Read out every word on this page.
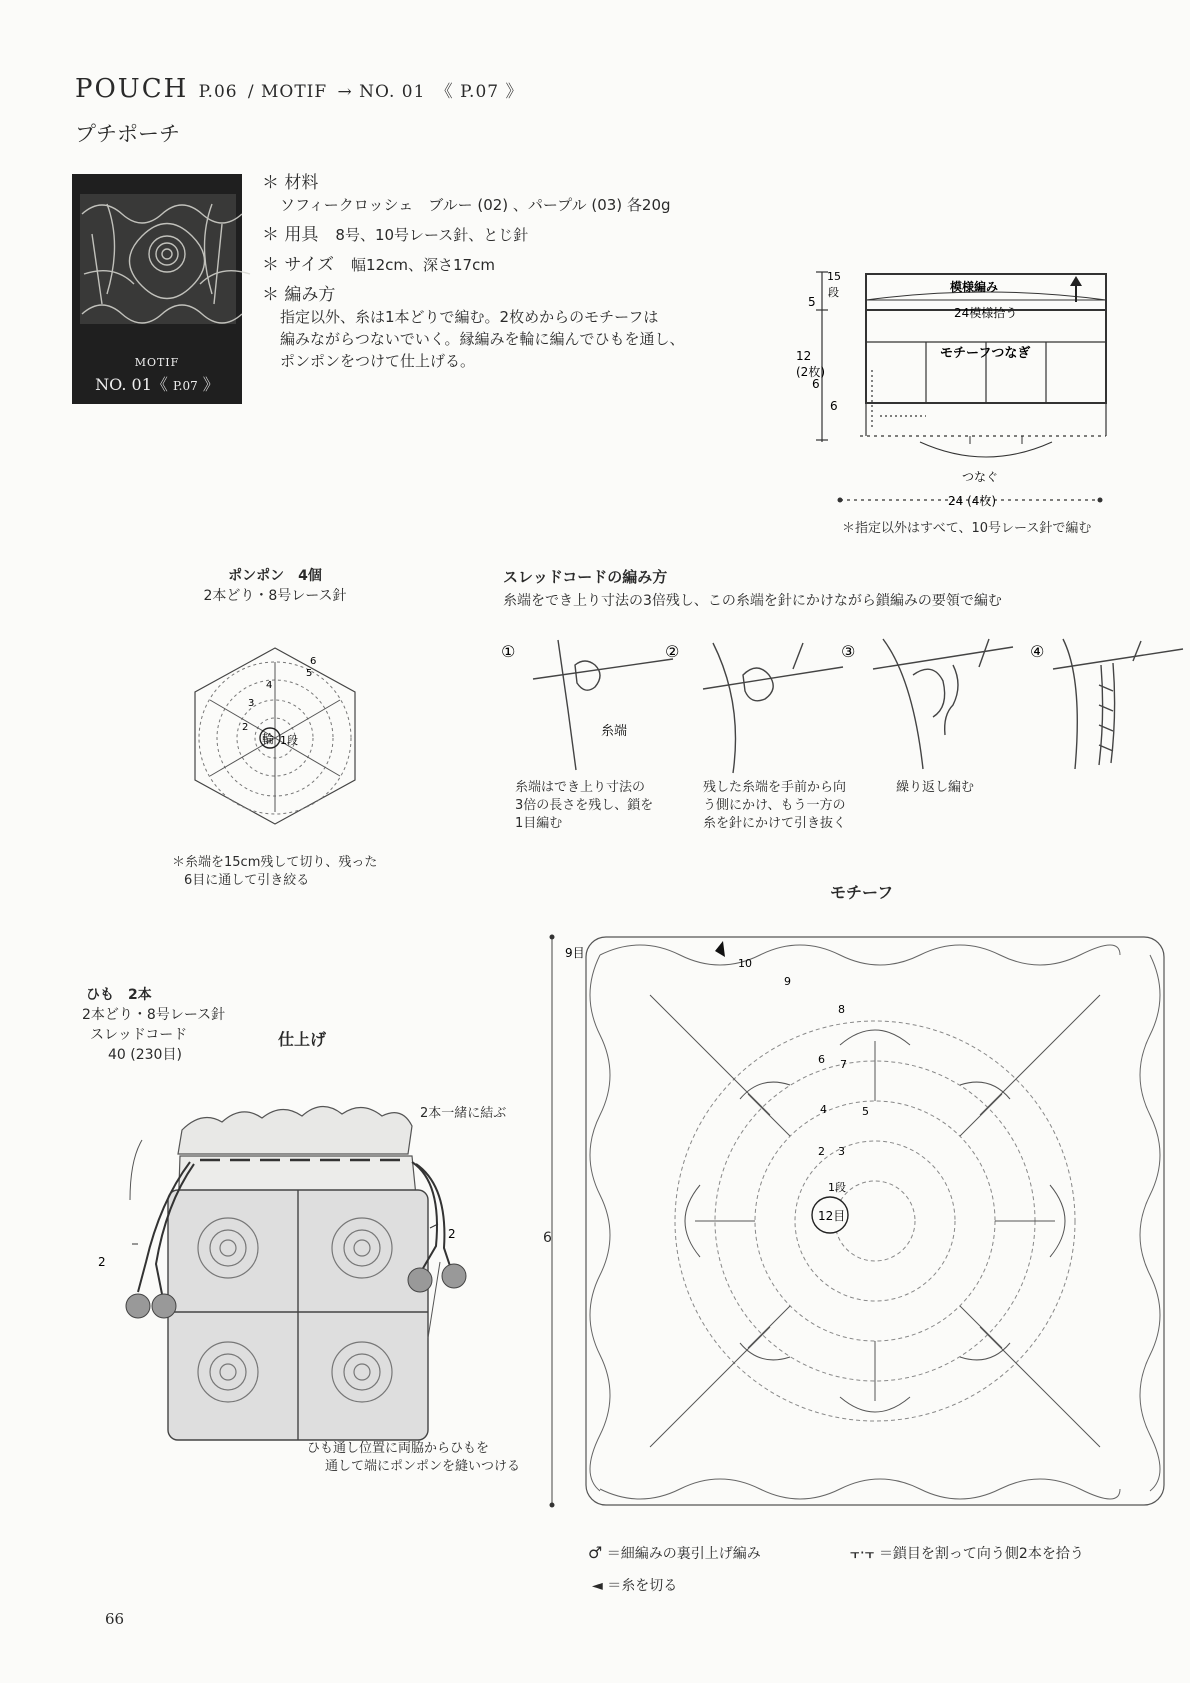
POUCH P.06 / MOTIF → NO. 01 《 P.07 》
プチポーチ
MOTIF
NO. 01《 P.07 》
＊ 材料
ソフィークロッシェ　ブルー (02) 、パープル (03) 各20g
＊ 用具　 8号、10号レース針、とじ針
＊ サイズ　 幅12cm、深さ17cm
＊ 編み方
指定以外、糸は1本どりで編む。2枚めからのモチーフは
編みながらつないでいく。縁編みを輪に編んでひもを通し、
ポンポンをつけて仕上げる。
模様編み
24模様拾う
モチーフつなぎ
5
15
段
12
(2枚)
6
6
つなぐ
24 (4枚)
＊指定以外はすべて、10号レース針で編む
ポンポン　4個
2本どり・8号レース針
輪 1段
2
3
4
5
6
＊糸端を15cm残して切り、残った
6目に通して引き絞る
スレッドコードの編み方
糸端をでき上り寸法の3倍残し、この糸端を針にかけながら鎖編みの要領で編む
①	②	③	④
糸端
糸端はでき上り寸法の
3倍の長さを残し、鎖を
1目編む
残した糸端を手前から向
う側にかけ、もう一方の
糸を針にかけて引き抜く
繰り返し編む
ひも　2本
2本どり・8号レース針
スレッドコード
40 (230目)
仕上げ
2本一緒に結ぶ
2
2
ひも通し位置に両脇からひもを
通して端にポンポンを縫いつける
モチーフ
9目
12目
1段
2 3
4	5
6 7
8
9
10
6
♂ ＝細編みの裏引上げ編み	⫟·⫟ ＝鎖目を割って向う側2本を拾う
◄ ＝糸を切る
66
